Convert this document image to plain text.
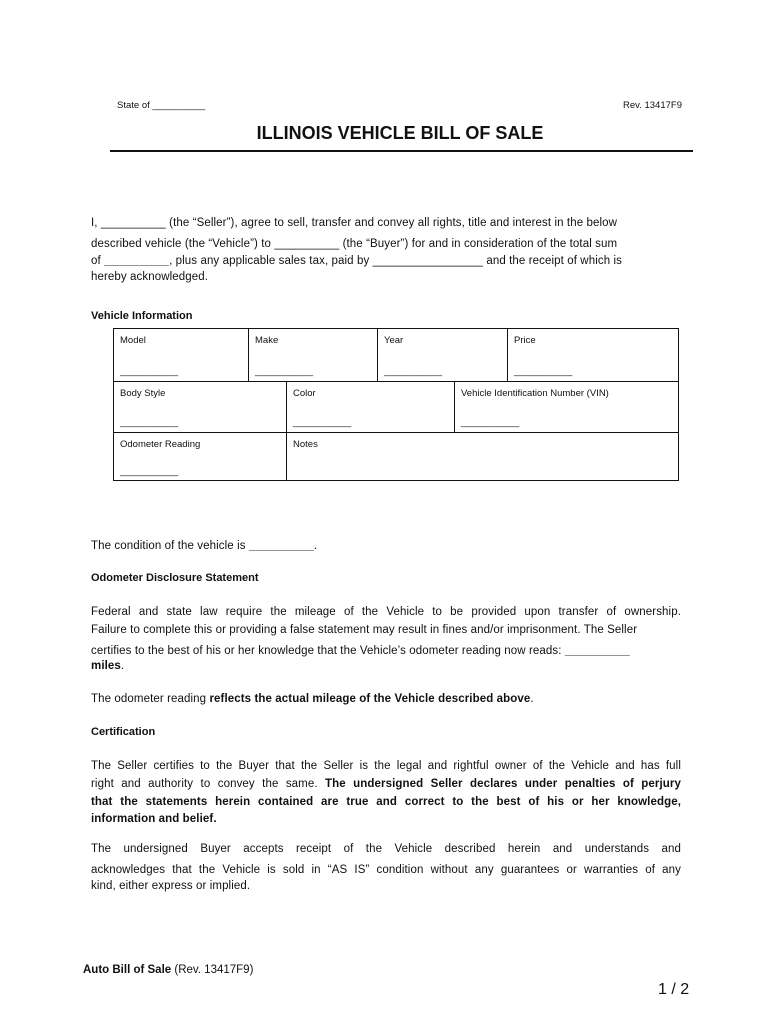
State of __________	Rev. 13417F9
ILLINOIS VEHICLE BILL OF SALE
I, __________ (the “Seller”), agree to sell, transfer and convey all rights, title and interest in the below
described vehicle (the “Vehicle”) to __________ (the “Buyer”) for and in consideration of the total sum
of __________, plus any applicable sales tax, paid by _________________ and the receipt of which is
hereby acknowledged.
Vehicle Information
Model
___________
Make
___________
Year
___________
Price
___________
Body Style
___________
Color
___________
Vehicle Identification Number (VIN)
___________
Odometer Reading
___________
Notes
The condition of the vehicle is __________.
Odometer Disclosure Statement
Federal and state law require the mileage of the Vehicle to be provided upon transfer of ownership.
Failure to complete this or providing a false statement may result in fines and/or imprisonment. The Seller
certifies to the best of his or her knowledge that the Vehicle’s odometer reading now reads: __________
miles.
The odometer reading reflects the actual mileage of the Vehicle described above.
Certification
The Seller certifies to the Buyer that the Seller is the legal and rightful owner of the Vehicle and has full
right and authority to convey the same. The undersigned Seller declares under penalties of perjury
that the statements herein contained are true and correct to the best of his or her knowledge,
information and belief.
The undersigned Buyer accepts receipt of the Vehicle described herein and understands and
acknowledges that the Vehicle is sold in “AS IS” condition without any guarantees or warranties of any
kind, either express or implied.
Auto Bill of Sale (Rev. 13417F9)
1 / 2
